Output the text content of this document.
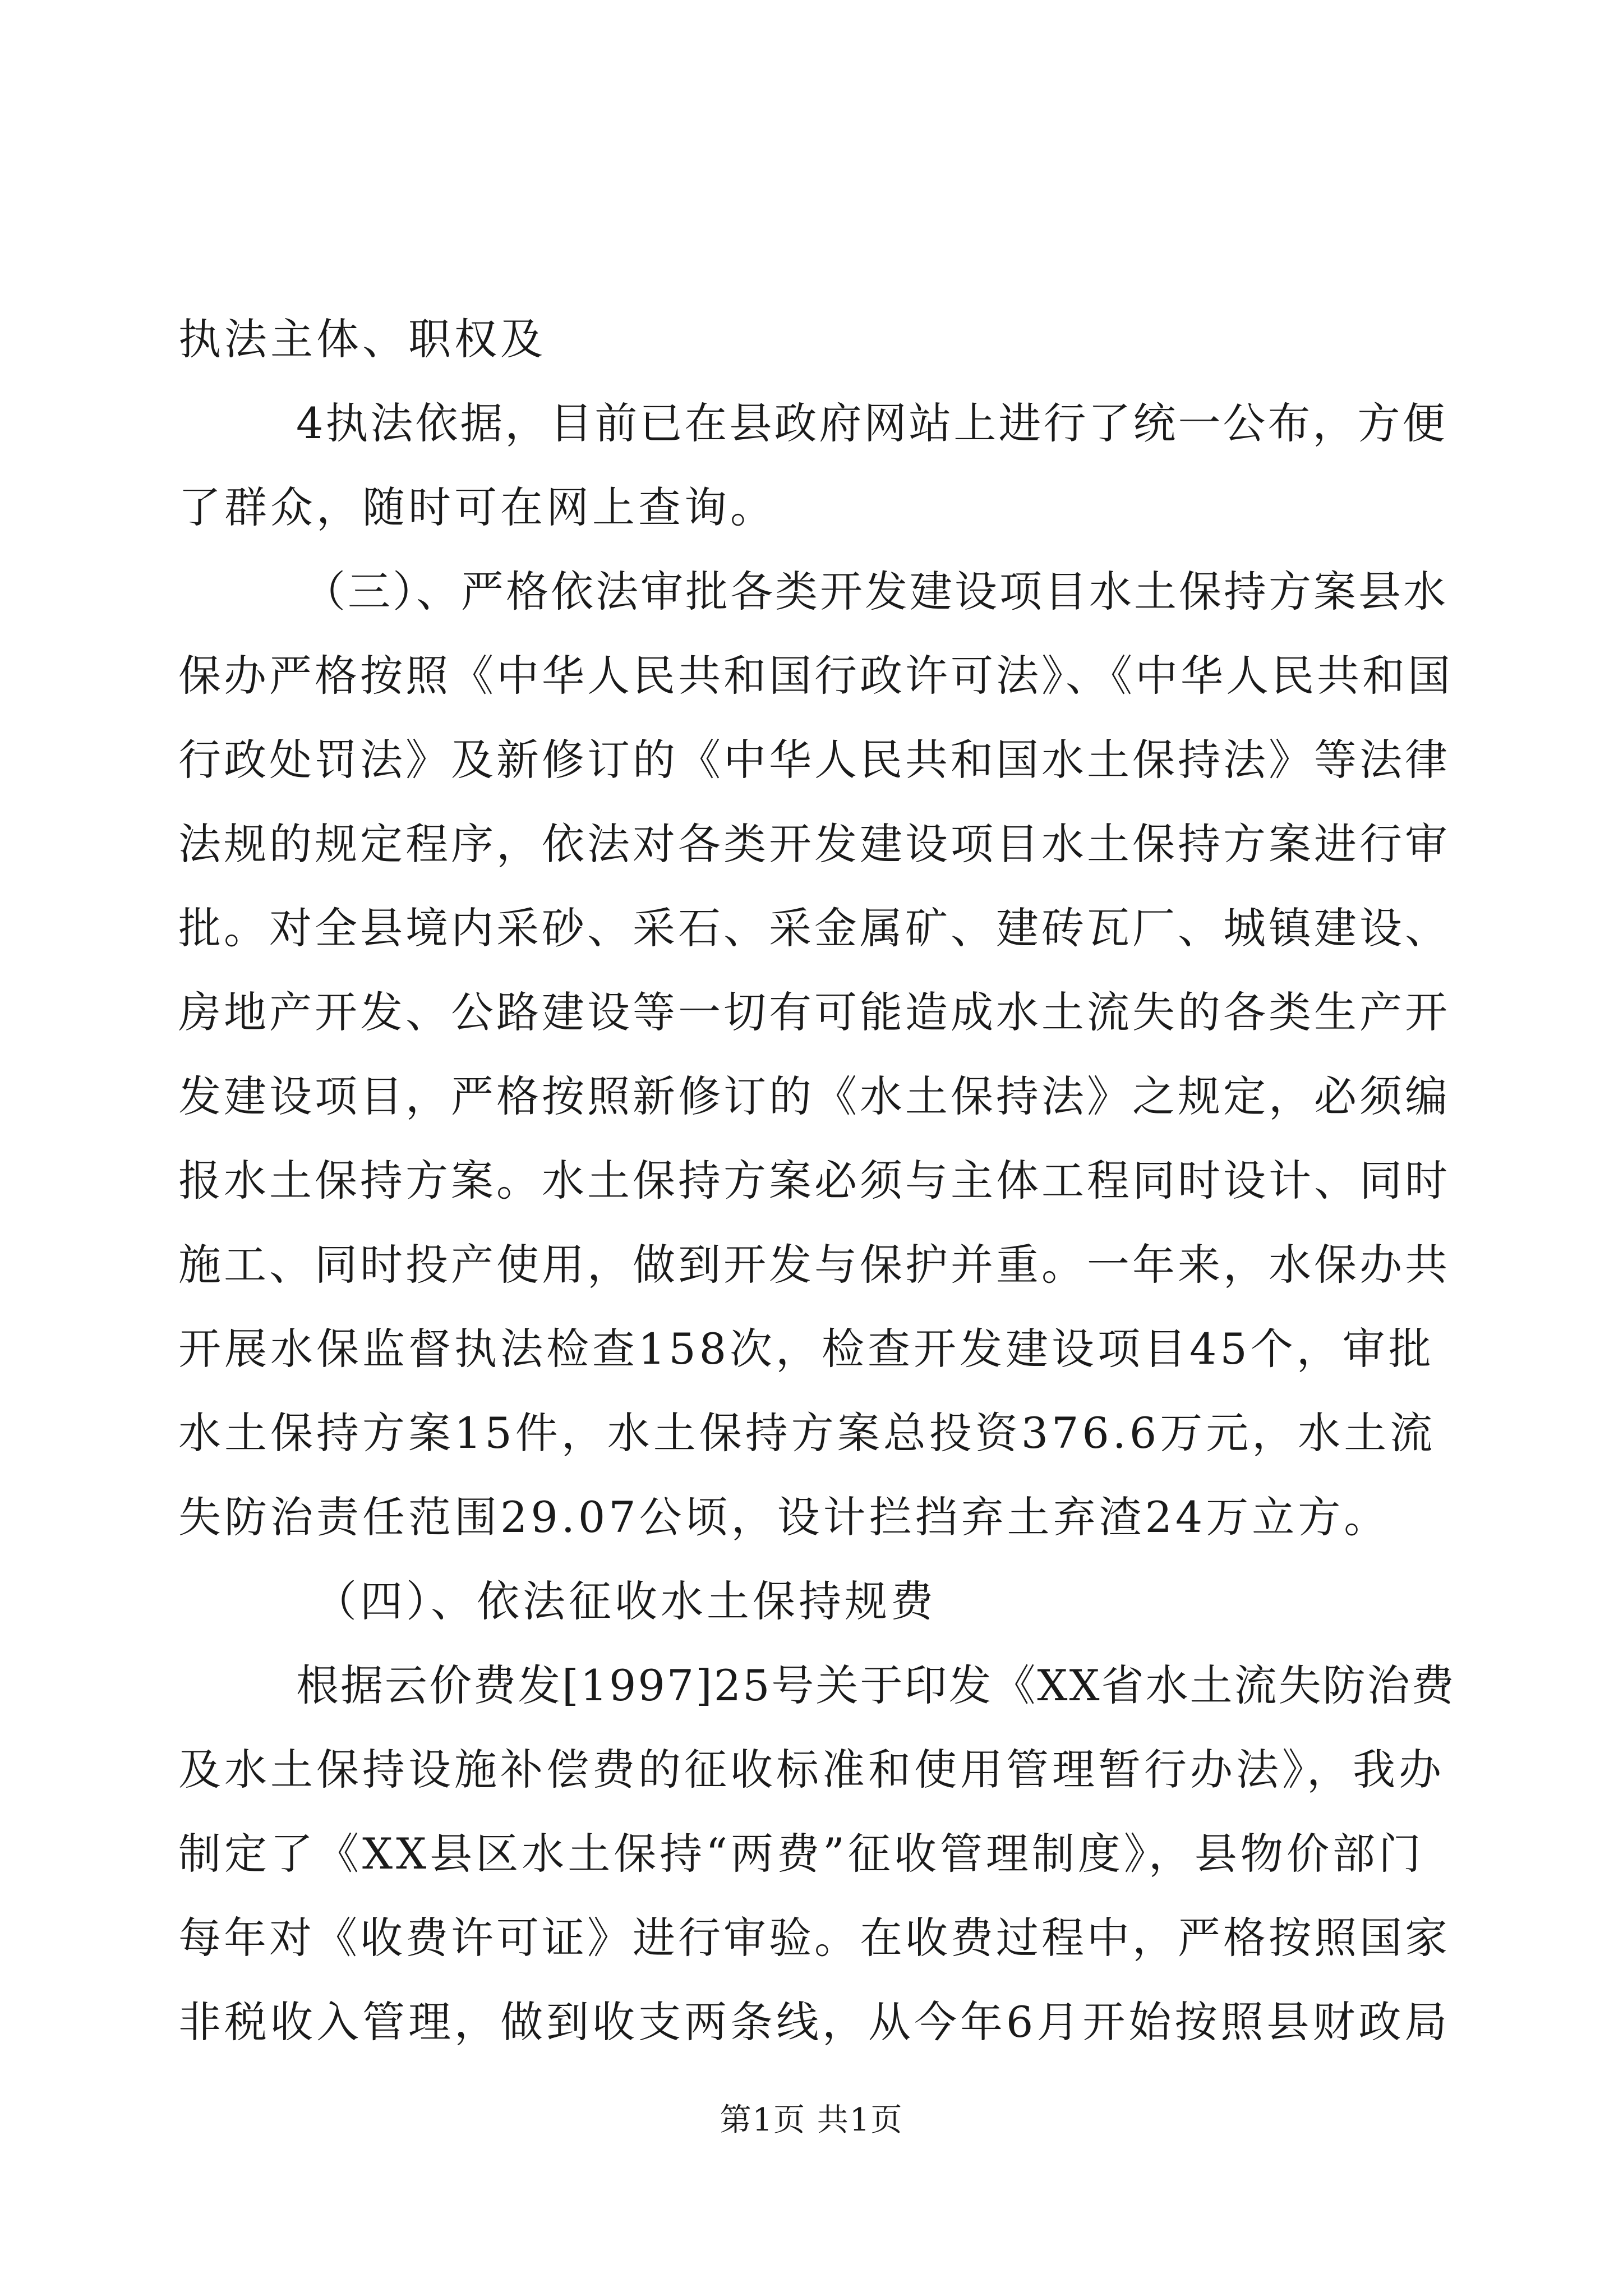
执法主体、职权及
4执法依据，目前已在县政府网站上进行了统一公布，方便
了群众，随时可在网上查询。
（三）、严格依法审批各类开发建设项目水土保持方案县水
保办严格按照《中华人民共和国行政许可法》、《中华人民共和国
行政处罚法》及新修订的《中华人民共和国水土保持法》等法律
法规的规定程序，依法对各类开发建设项目水土保持方案进行审
批。对全县境内采砂、采石、采金属矿、建砖瓦厂、城镇建设、
房地产开发、公路建设等一切有可能造成水土流失的各类生产开
发建设项目，严格按照新修订的《水土保持法》之规定，必须编
报水土保持方案。水土保持方案必须与主体工程同时设计、同时
施工、同时投产使用，做到开发与保护并重。一年来，水保办共
开展水保监督执法检查158次，检查开发建设项目45个，审批
水土保持方案15件，水土保持方案总投资376.6万元，水土流
失防治责任范围29.07公顷，设计拦挡弃土弃渣24万立方。
（四）、依法征收水土保持规费
根据云价费发[1997]25号关于印发《XX省水土流失防治费
及水土保持设施补偿费的征收标准和使用管理暂行办法》，我办
制定了《XX县区水土保持“两费”征收管理制度》，县物价部门
每年对《收费许可证》进行审验。在收费过程中，严格按照国家
非税收入管理，做到收支两条线，从今年6月开始按照县财政局
第1页 共1页
